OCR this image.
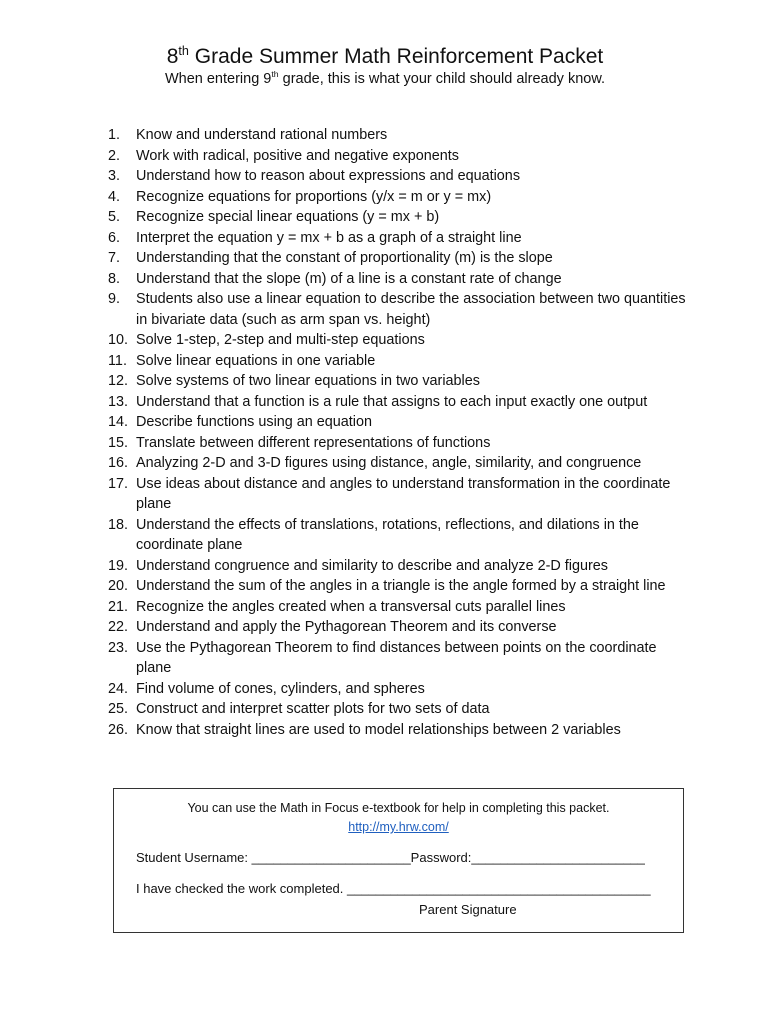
8th Grade Summer Math Reinforcement Packet
When entering 9th grade, this is what your child should already know.
1.	Know and understand rational numbers
2.	Work with radical, positive and negative exponents
3.	Understand how to reason about expressions and equations
4.	Recognize equations for proportions (y/x = m or y = mx)
5.	Recognize special linear equations (y = mx + b)
6.	Interpret the equation y = mx + b as a graph of a straight line
7.	Understanding that the constant of proportionality (m) is the slope
8.	Understand that the slope (m) of a line is a constant rate of change
9.	Students also use a linear equation to describe the association between two quantities in bivariate data (such as arm span vs. height)
10. Solve 1-step, 2-step and multi-step equations
11. Solve linear equations in one variable
12. Solve systems of two linear equations in two variables
13. Understand that a function is a rule that assigns to each input exactly one output
14. Describe functions using an equation
15. Translate between different representations of functions
16. Analyzing 2-D and 3-D figures using distance, angle, similarity, and congruence
17. Use ideas about distance and angles to understand transformation in the coordinate plane
18. Understand the effects of translations, rotations, reflections, and dilations in the coordinate plane
19. Understand congruence and similarity to describe and analyze 2-D figures
20. Understand the sum of the angles in a triangle is the angle formed by a straight line
21. Recognize the angles created when a transversal cuts parallel lines
22. Understand and apply the Pythagorean Theorem and its converse
23. Use the Pythagorean Theorem to find distances between points on the coordinate plane
24. Find volume of cones, cylinders, and spheres
25. Construct and interpret scatter plots for two sets of data
26. Know that straight lines are used to model relationships between 2 variables
You can use the Math in Focus e-textbook for help in completing this packet.
http://my.hrw.com/
Student Username: ______________________Password:________________________
I have checked the work completed. __________________________________________
Parent Signature
